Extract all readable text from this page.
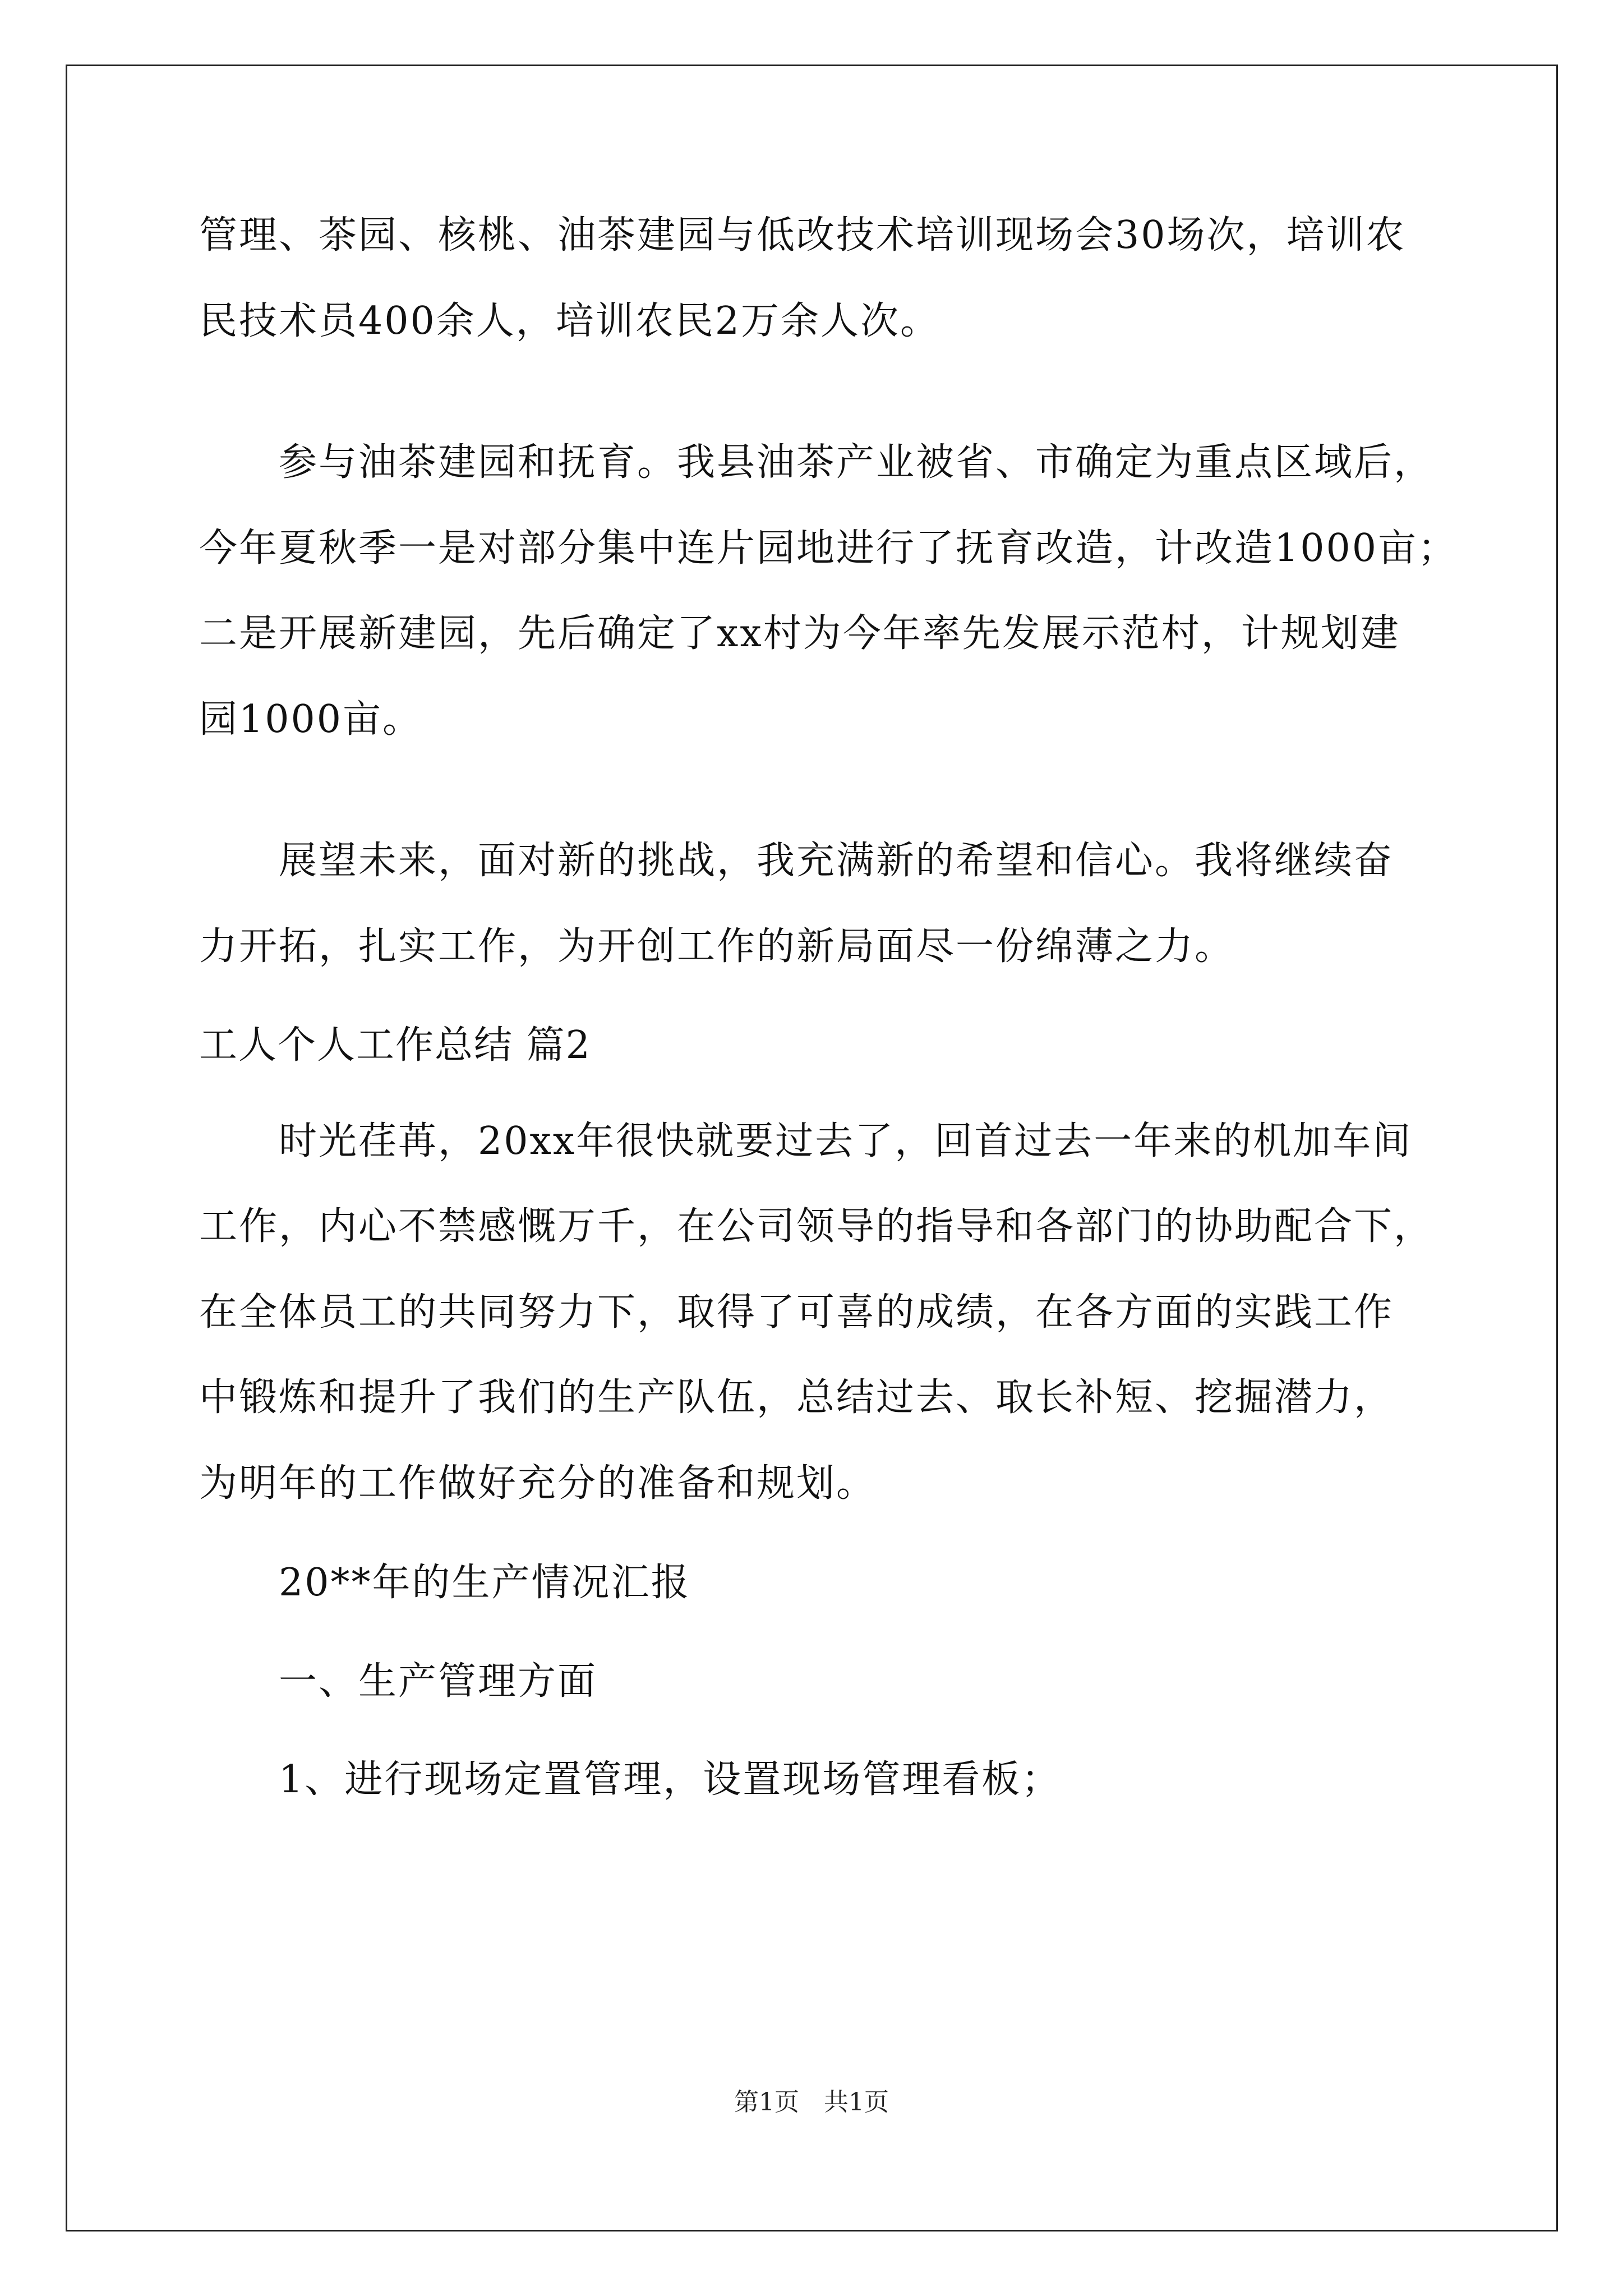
管理、茶园、核桃、油茶建园与低改技术培训现场会30场次，培训农
民技术员400余人，培训农民2万余人次。
参与油茶建园和抚育。我县油茶产业被省、市确定为重点区域后，
今年夏秋季一是对部分集中连片园地进行了抚育改造，计改造1000亩；
二是开展新建园，先后确定了xx村为今年率先发展示范村，计规划建
园1000亩。
展望未来，面对新的挑战，我充满新的希望和信心。我将继续奋
力开拓，扎实工作，为开创工作的新局面尽一份绵薄之力。
工人个人工作总结 篇2
时光荏苒，20xx年很快就要过去了，回首过去一年来的机加车间
工作，内心不禁感慨万千，在公司领导的指导和各部门的协助配合下，
在全体员工的共同努力下，取得了可喜的成绩，在各方面的实践工作
中锻炼和提升了我们的生产队伍，总结过去、取长补短、挖掘潜力，
为明年的工作做好充分的准备和规划。
20**年的生产情况汇报
一、生产管理方面
1、进行现场定置管理，设置现场管理看板；
第1页　共1页
